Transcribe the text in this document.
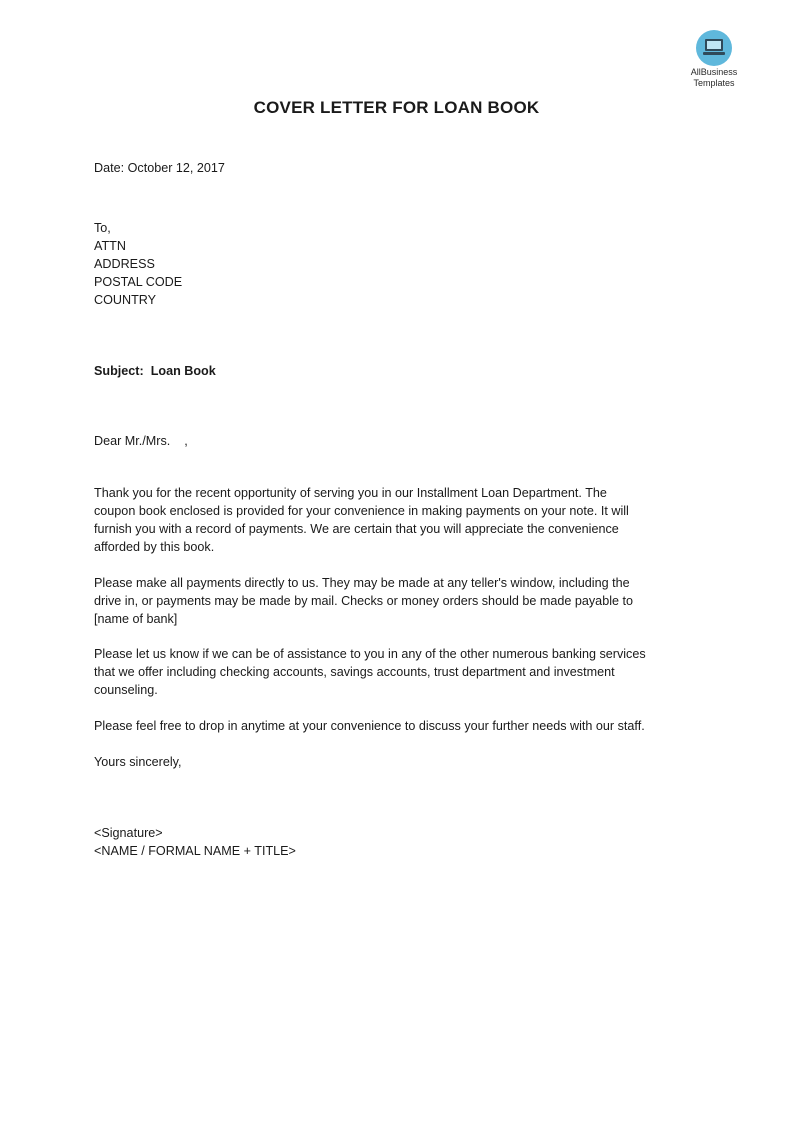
AllBusiness
Templates
COVER LETTER FOR LOAN BOOK
Date: October 12, 2017
To,
ATTN
ADDRESS
POSTAL CODE
COUNTRY
Subject: Loan Book
Dear Mr./Mrs.    ,
Thank you for the recent opportunity of serving you in our Installment Loan Department. The
coupon book enclosed is provided for your convenience in making payments on your note. It will
furnish you with a record of payments. We are certain that you will appreciate the convenience
afforded by this book.
Please make all payments directly to us. They may be made at any teller's window, including the
drive in, or payments may be made by mail. Checks or money orders should be made payable to
[name of bank]
Please let us know if we can be of assistance to you in any of the other numerous banking services
that we offer including checking accounts, savings accounts, trust department and investment
counseling.
Please feel free to drop in anytime at your convenience to discuss your further needs with our staff.
Yours sincerely,
<Signature>
<NAME / FORMAL NAME + TITLE>
